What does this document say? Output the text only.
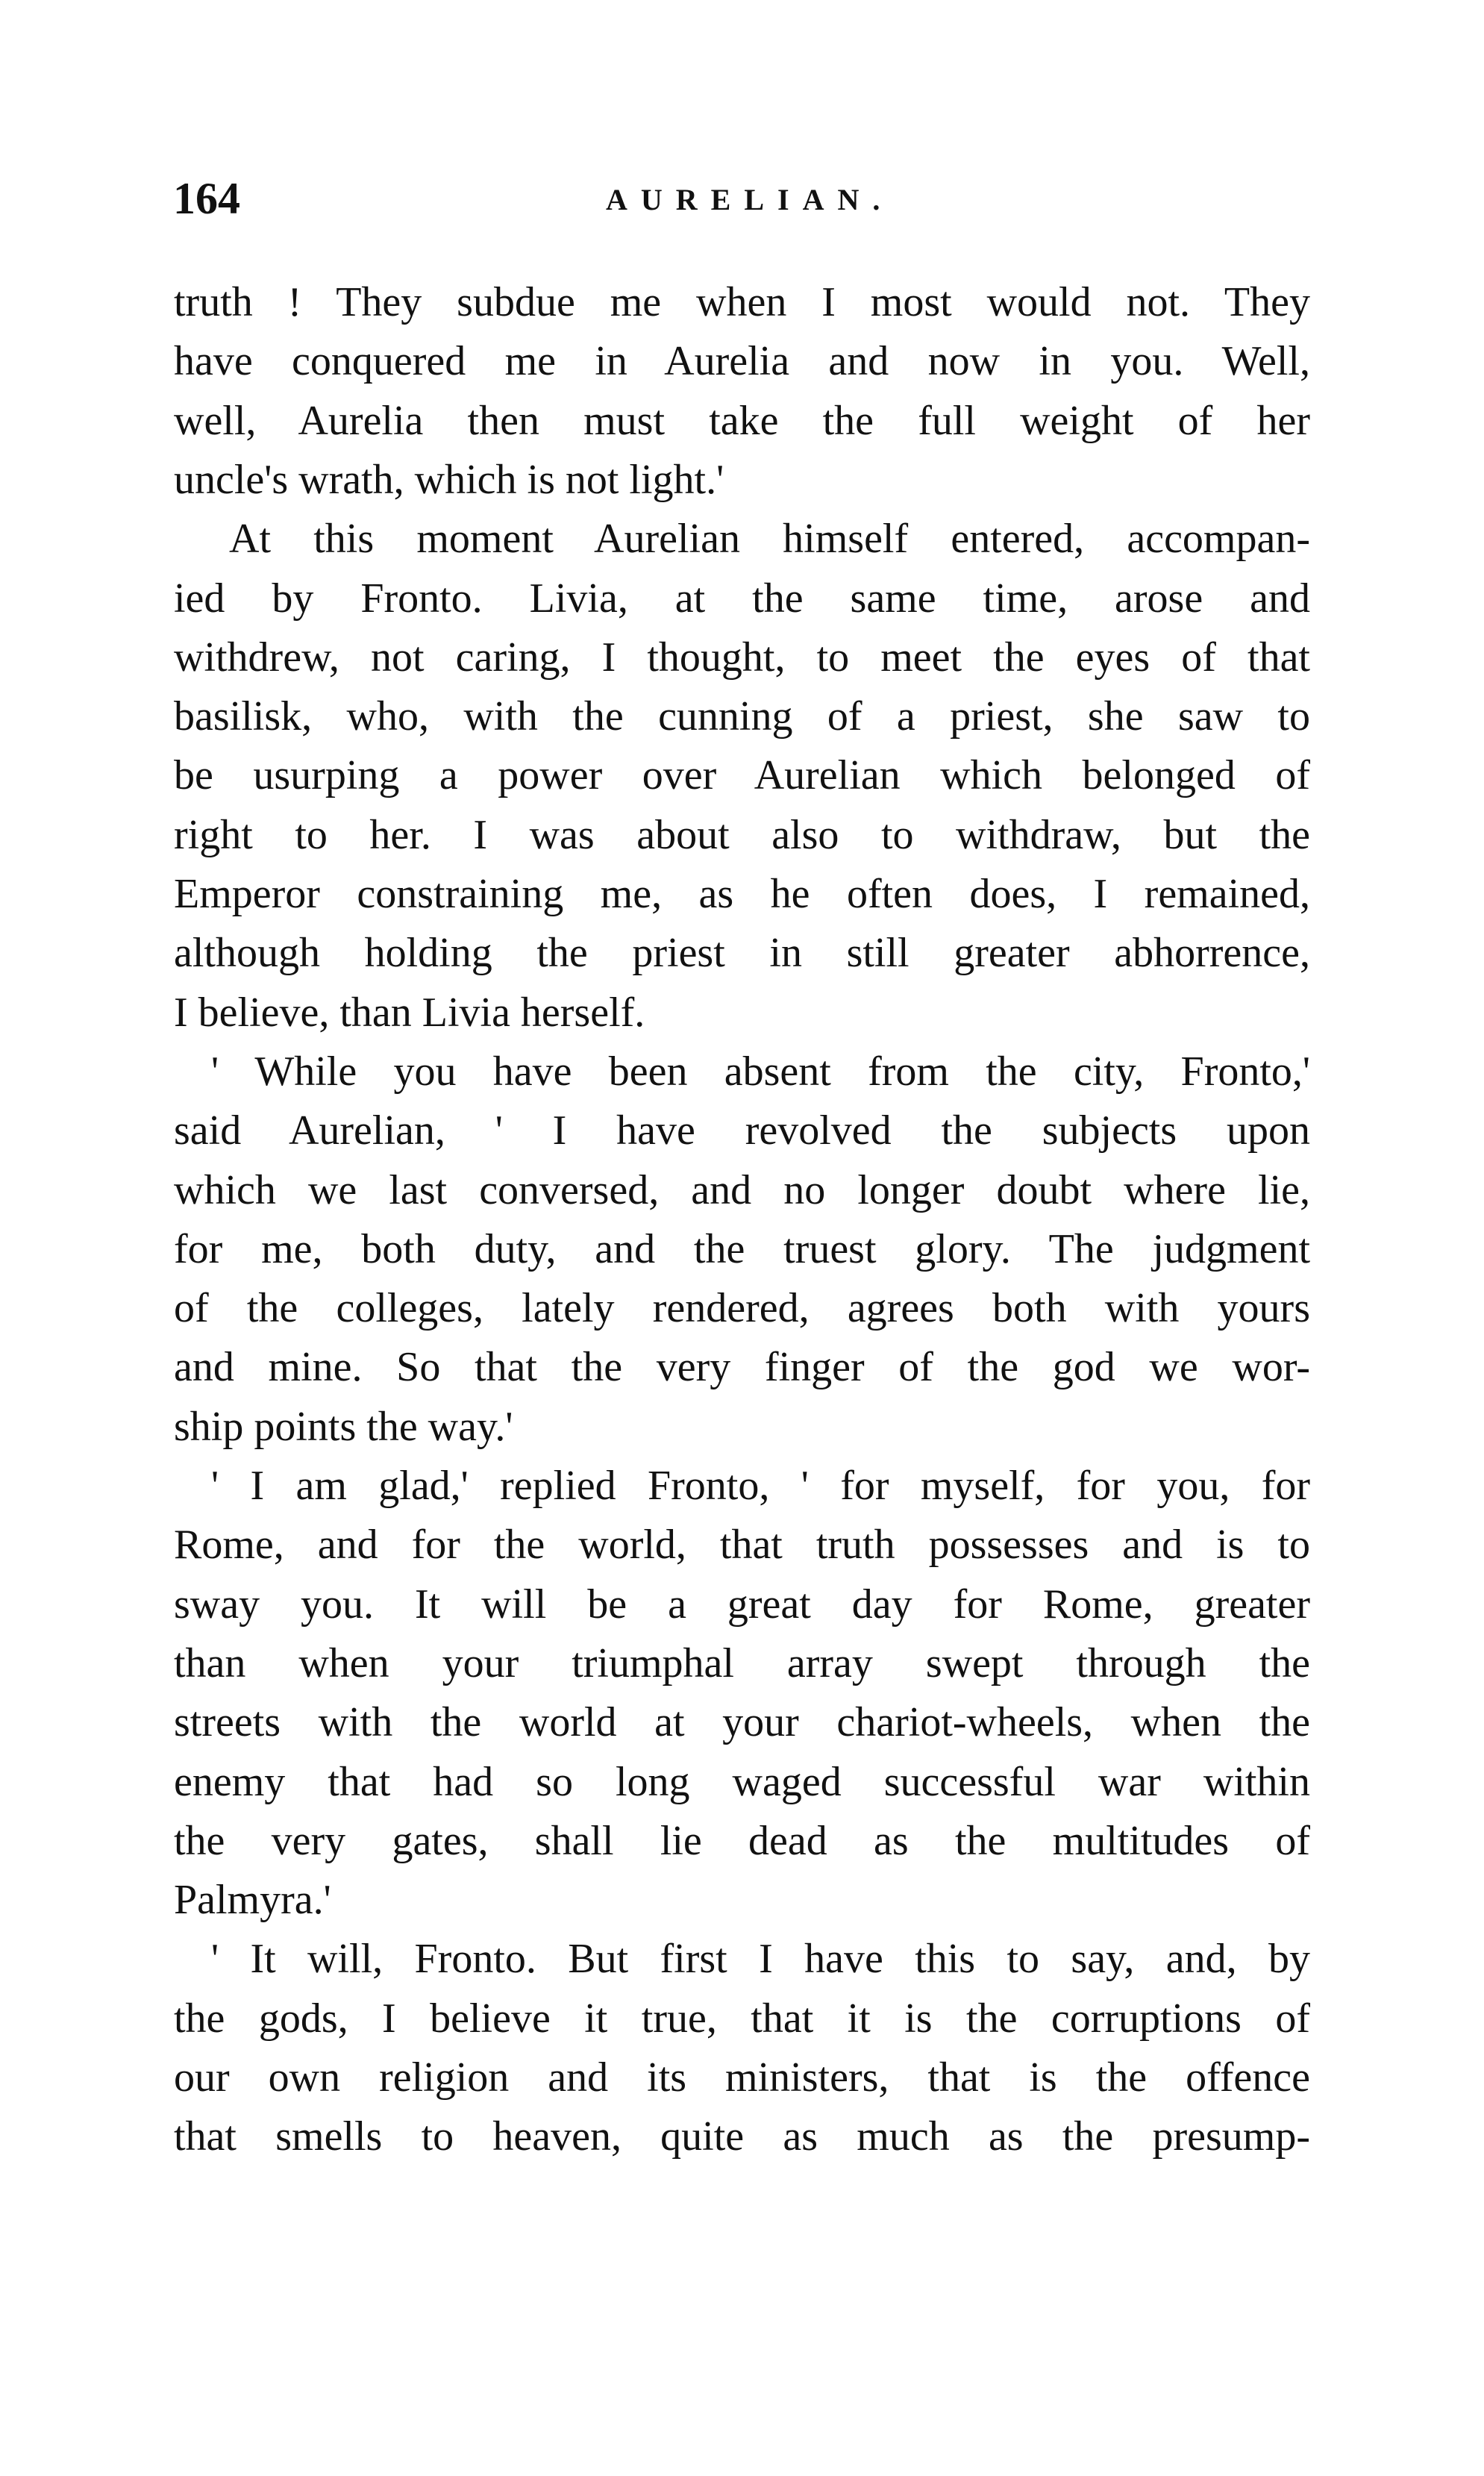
164	AURELIAN.
truth ! They subdue me when I most would not. They
have conquered me in Aurelia and now in you. Well,
well, Aurelia then must take the full weight of her
uncle's wrath, which is not light.'
At this moment Aurelian himself entered, accompan-
ied by Fronto. Livia, at the same time, arose and
withdrew, not caring, I thought, to meet the eyes of that
basilisk, who, with the cunning of a priest, she saw to
be usurping a power over Aurelian which belonged of
right to her. I was about also to withdraw, but the
Emperor constraining me, as he often does, I remained,
although holding the priest in still greater abhorrence,
I believe, than Livia herself.
' While you have been absent from the city, Fronto,'
said Aurelian, ' I have revolved the subjects upon
which we last conversed, and no longer doubt where lie,
for me, both duty, and the truest glory. The judgment
of the colleges, lately rendered, agrees both with yours
and mine. So that the very finger of the god we wor-
ship points the way.'
' I am glad,' replied Fronto, ' for myself, for you, for
Rome, and for the world, that truth possesses and is to
sway you. It will be a great day for Rome, greater
than when your triumphal array swept through the
streets with the world at your chariot-wheels, when the
enemy that had so long waged successful war within
the very gates, shall lie dead as the multitudes of
Palmyra.'
' It will, Fronto. But first I have this to say, and, by
the gods, I believe it true, that it is the corruptions of
our own religion and its ministers, that is the offence
that smells to heaven, quite as much as the presump-
